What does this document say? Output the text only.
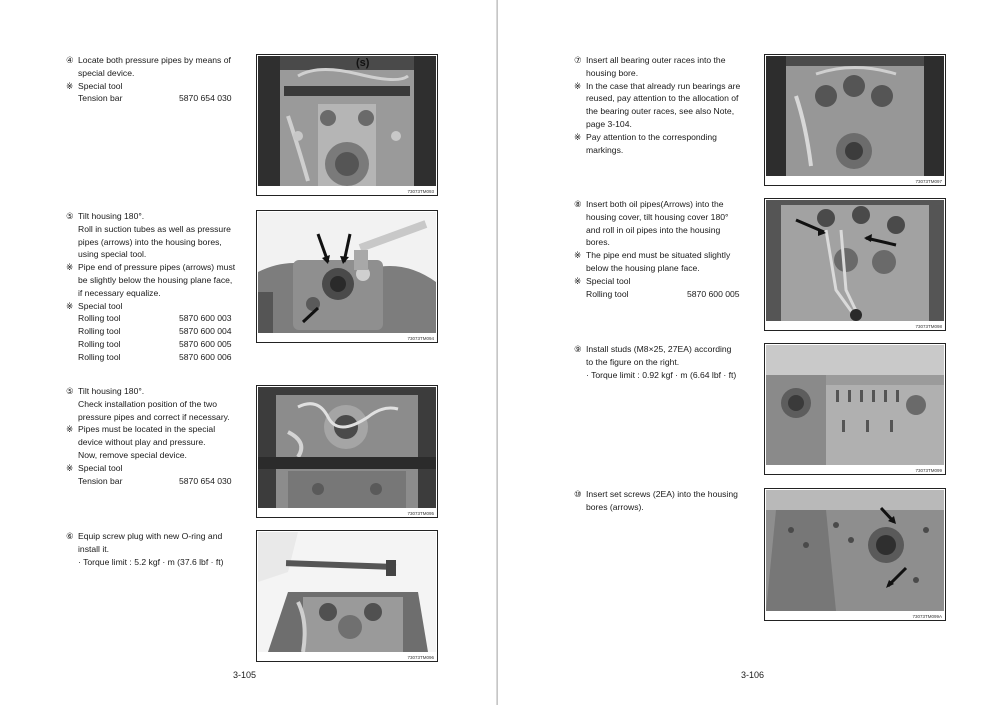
④ Locate both pressure pipes by means of
special device.
※ Special tool
Tension bar	5870 654 030
(s)
73073TM093
⑤ Tilt housing 180°.
Roll in suction tubes as well as pressure
pipes (arrows) into the housing bores,
using special tool.
※ Pipe end of pressure pipes (arrows) must
be slightly below the housing plane face,
if necessary equalize.
※ Special tool
Rolling tool	5870 600 003
Rolling tool	5870 600 004
Rolling tool	5870 600 005
Rolling tool	5870 600 006
73073TM094
⑤ Tilt housing 180°.
Check installation position of the two
pressure pipes and correct if necessary.
※ Pipes must be located in the special
device without play and pressure.
Now, remove special device.
※ Special tool
Tension bar	5870 654 030
73073TM095
⑥ Equip screw plug with new O-ring and
install it.
· Torque limit : 5.2 kgf · m (37.6 lbf · ft)
73073TM096
3-105
⑦ Insert all bearing outer races into the
housing bore.
※ In the case that already run bearings are
reused, pay attention to the allocation of
the bearing outer races, see also Note,
page 3-104.
※ Pay attention to the corresponding
markings.
73073TM097
⑧ Insert both oil pipes(Arrows) into the
housing cover, tilt housing cover 180°
and roll in oil pipes into the housing
bores.
※ The pipe end must be situated slightly
below the housing plane face.
※ Special tool
Rolling tool	5870 600 005
73073TM098
⑨ Install studs (M8×25, 27EA) according
to the figure on the right.
· Torque limit : 0.92 kgf · m (6.64 lbf · ft)
73073TM099
⑩ Insert set screws (2EA) into the housing
bores (arrows).
73073TM099A
3-106
